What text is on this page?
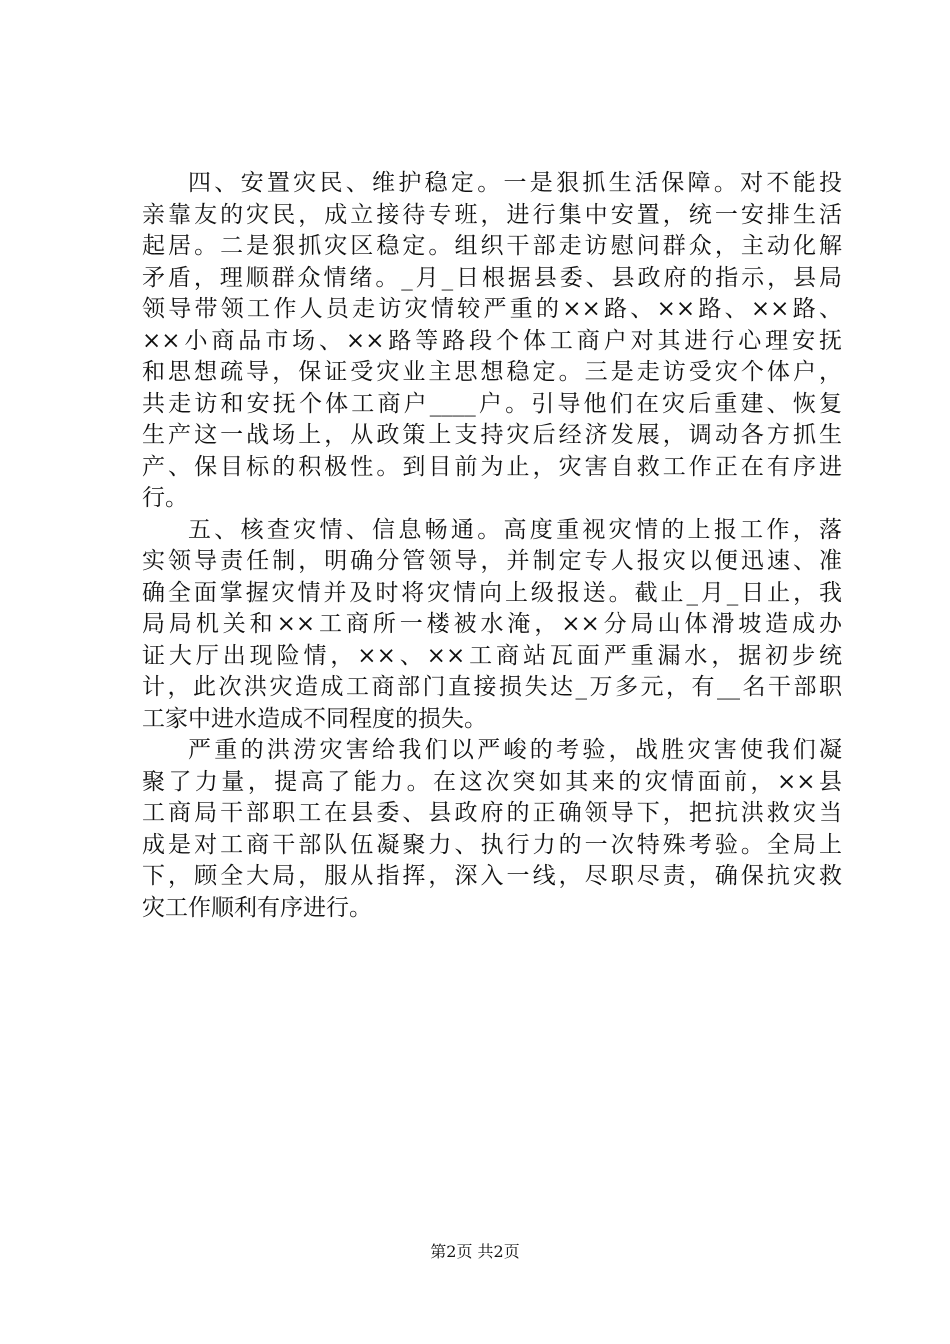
四、安置灾民、维护稳定。一是狠抓生活保障。对不能投
亲靠友的灾民，成立接待专班，进行集中安置，统一安排生活
起居。二是狠抓灾区稳定。组织干部走访慰问群众，主动化解
矛盾，理顺群众情绪。_月_日根据县委、县政府的指示，县局
领导带领工作人员走访灾情较严重的××路、××路、××路、
××小商品市场、××路等路段个体工商户对其进行心理安抚
和思想疏导，保证受灾业主思想稳定。三是走访受灾个体户，
共走访和安抚个体工商户____户。引导他们在灾后重建、恢复
生产这一战场上，从政策上支持灾后经济发展，调动各方抓生
产、保目标的积极性。到目前为止，灾害自救工作正在有序进
行。
五、核查灾情、信息畅通。高度重视灾情的上报工作，落
实领导责任制，明确分管领导，并制定专人报灾以便迅速、准
确全面掌握灾情并及时将灾情向上级报送。截止_月_日止，我
局局机关和××工商所一楼被水淹，××分局山体滑坡造成办
证大厅出现险情，××、××工商站瓦面严重漏水，据初步统
计，此次洪灾造成工商部门直接损失达_万多元，有__名干部职
工家中进水造成不同程度的损失。
严重的洪涝灾害给我们以严峻的考验，战胜灾害使我们凝
聚了力量，提高了能力。在这次突如其来的灾情面前，××县
工商局干部职工在县委、县政府的正确领导下，把抗洪救灾当
成是对工商干部队伍凝聚力、执行力的一次特殊考验。全局上
下，顾全大局，服从指挥，深入一线，尽职尽责，确保抗灾救
灾工作顺利有序进行。
第2页 共2页
